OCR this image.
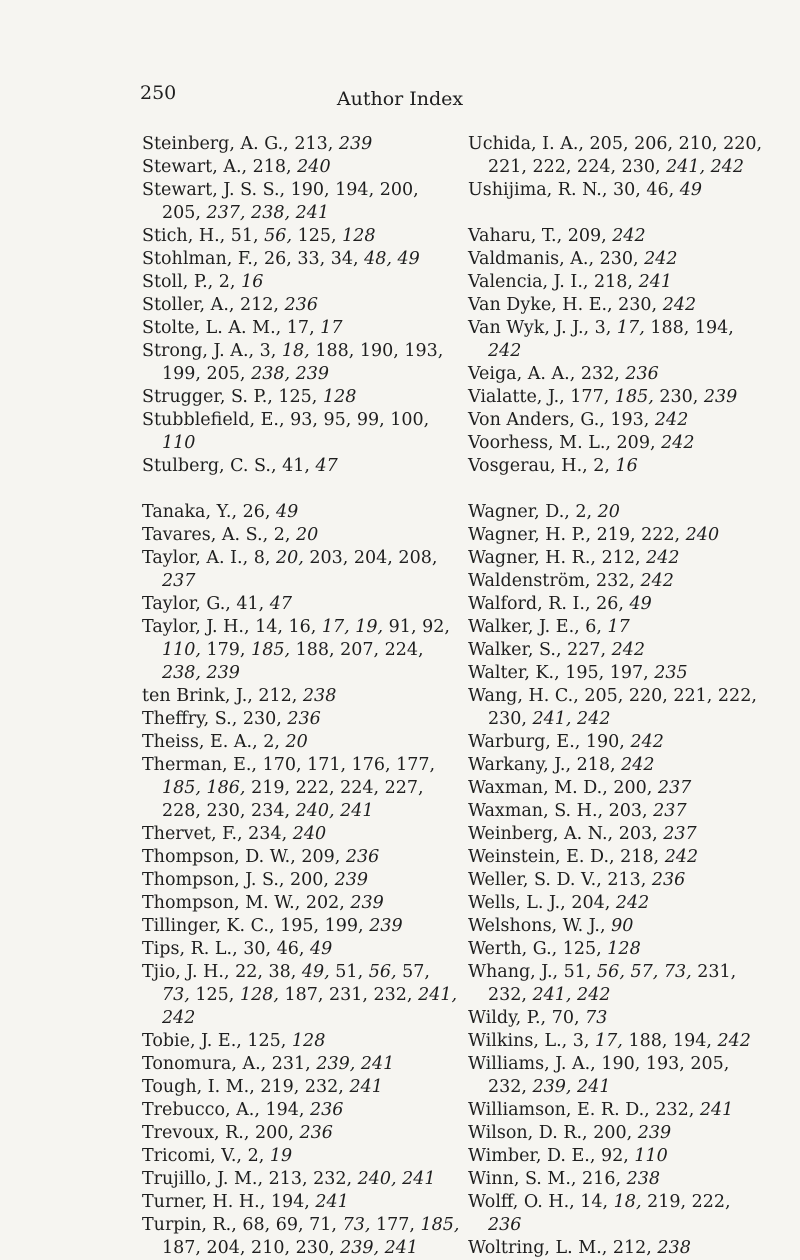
250	Author Index

Steinberg, A. G., 213, 239

Stewart, A., 218, 240

Stewart, J. S. S., 190, 194, 200, 205, 237, 238, 241

Stich, H., 51, 56, 125, 128

Stohlman, F., 26, 33, 34, 48, 49

Stoll, P., 2, 16

Stoller, A., 212, 236

Stolte, L. A. M., 17, 17

Strong, J. A., 3, 18, 188, 190, 193, 199, 205, 238, 239

Strugger, S. P., 125, 128

Stubblefield, E., 93, 95, 99, 100, 110

Stulberg, C. S., 41, 47

Tanaka, Y., 26, 49

Tavares, A. S., 2, 20

Taylor, A. I., 8, 20, 203, 204, 208, 237

Taylor, G., 41, 47

Taylor, J. H., 14, 16, 17, 19, 91, 92, 110, 179, 185, 188, 207, 224, 238, 239

ten Brink, J., 212, 238

Theffry, S., 230, 236

Theiss, E. A., 2, 20

Therman, E., 170, 171, 176, 177, 185, 186, 219, 222, 224, 227, 228, 230, 234, 240, 241

Thervet, F., 234, 240

Thompson, D. W., 209, 236

Thompson, J. S., 200, 239

Thompson, M. W., 202, 239

Tillinger, K. C., 195, 199, 239

Tips, R. L., 30, 46, 49

Tjio, J. H., 22, 38, 49, 51, 56, 57, 73, 125, 128, 187, 231, 232, 241, 242

Tobie, J. E., 125, 128

Tonomura, A., 231, 239, 241

Tough, I. M., 219, 232, 241

Trebucco, A., 194, 236

Trevoux, R., 200, 236

Tricomi, V., 2, 19

Trujillo, J. M., 213, 232, 240, 241

Turner, H. H., 194, 241

Turpin, R., 68, 69, 71, 73, 177, 185, 187, 204, 210, 230, 239, 241

Uchida, I. A., 205, 206, 210, 220, 221, 222, 224, 230, 241, 242

Ushijima, R. N., 30, 46, 49

Vaharu, T., 209, 242

Valdmanis, A., 230, 242

Valencia, J. I., 218, 241

Van Dyke, H. E., 230, 242

Van Wyk, J. J., 3, 17, 188, 194, 242

Veiga, A. A., 232, 236

Vialatte, J., 177, 185, 230, 239

Von Anders, G., 193, 242

Voorhess, M. L., 209, 242

Vosgerau, H., 2, 16

Wagner, D., 2, 20

Wagner, H. P., 219, 222, 240

Wagner, H. R., 212, 242

Waldenström, 232, 242

Walford, R. I., 26, 49

Walker, J. E., 6, 17

Walker, S., 227, 242

Walter, K., 195, 197, 235

Wang, H. C., 205, 220, 221, 222, 230, 241, 242

Warburg, E., 190, 242

Warkany, J., 218, 242

Waxman, M. D., 200, 237

Waxman, S. H., 203, 237

Weinberg, A. N., 203, 237

Weinstein, E. D., 218, 242

Weller, S. D. V., 213, 236

Wells, L. J., 204, 242

Welshons, W. J., 90

Werth, G., 125, 128

Whang, J., 51, 56, 57, 73, 231, 232, 241, 242

Wildy, P., 70, 73

Wilkins, L., 3, 17, 188, 194, 242

Williams, J. A., 190, 193, 205, 232, 239, 241

Williamson, E. R. D., 232, 241

Wilson, D. R., 200, 239

Wimber, D. E., 92, 110

Winn, S. M., 216, 238

Wolff, O. H., 14, 18, 219, 222, 236

Woltring, L. M., 212, 238
